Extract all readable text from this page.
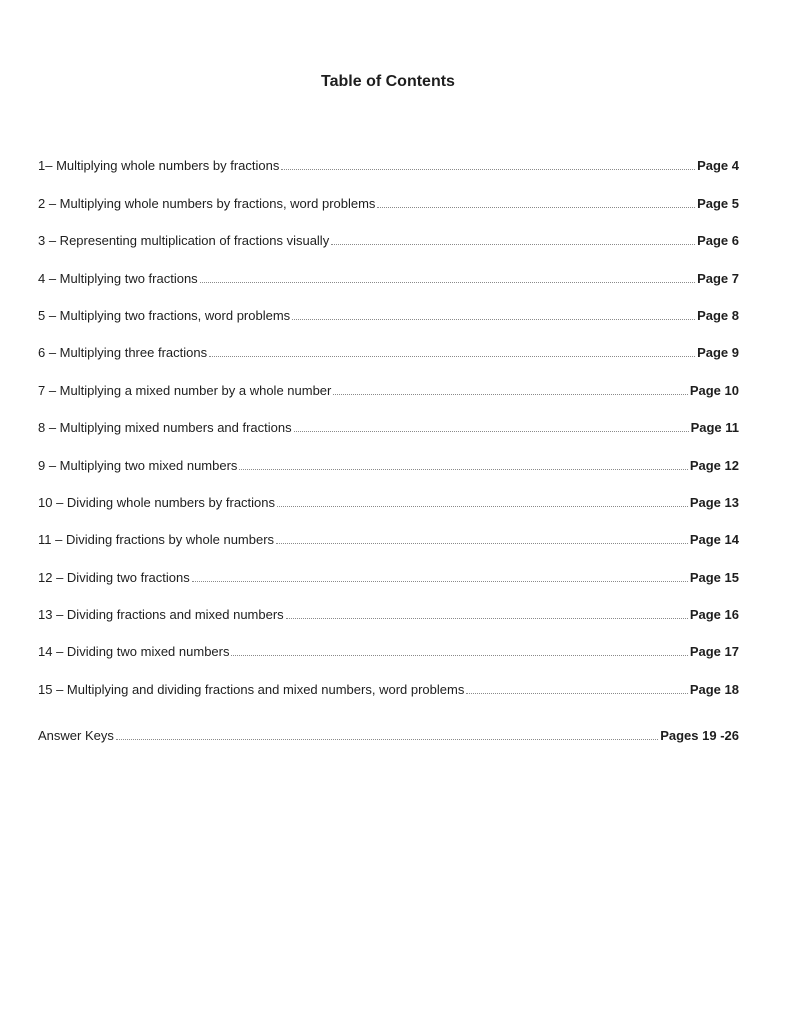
Table of Contents
1– Multiplying whole numbers by fractions	Page 4
2 – Multiplying whole numbers by fractions, word problems	Page 5
3 – Representing multiplication of fractions visually	Page 6
4 – Multiplying two fractions	Page 7
5 – Multiplying two fractions, word problems	Page 8
6 – Multiplying three fractions	Page 9
7 – Multiplying a mixed number by a whole number	Page 10
8 – Multiplying mixed numbers and fractions	Page 11
9 – Multiplying two mixed numbers	Page 12
10 – Dividing whole numbers by fractions	Page 13
11 – Dividing fractions by whole numbers	Page 14
12 – Dividing two fractions	Page 15
13 – Dividing fractions and mixed numbers	Page 16
14 – Dividing two mixed numbers	Page 17
15 – Multiplying and dividing fractions and mixed numbers, word problems	Page 18
Answer Keys	Pages 19 -26
